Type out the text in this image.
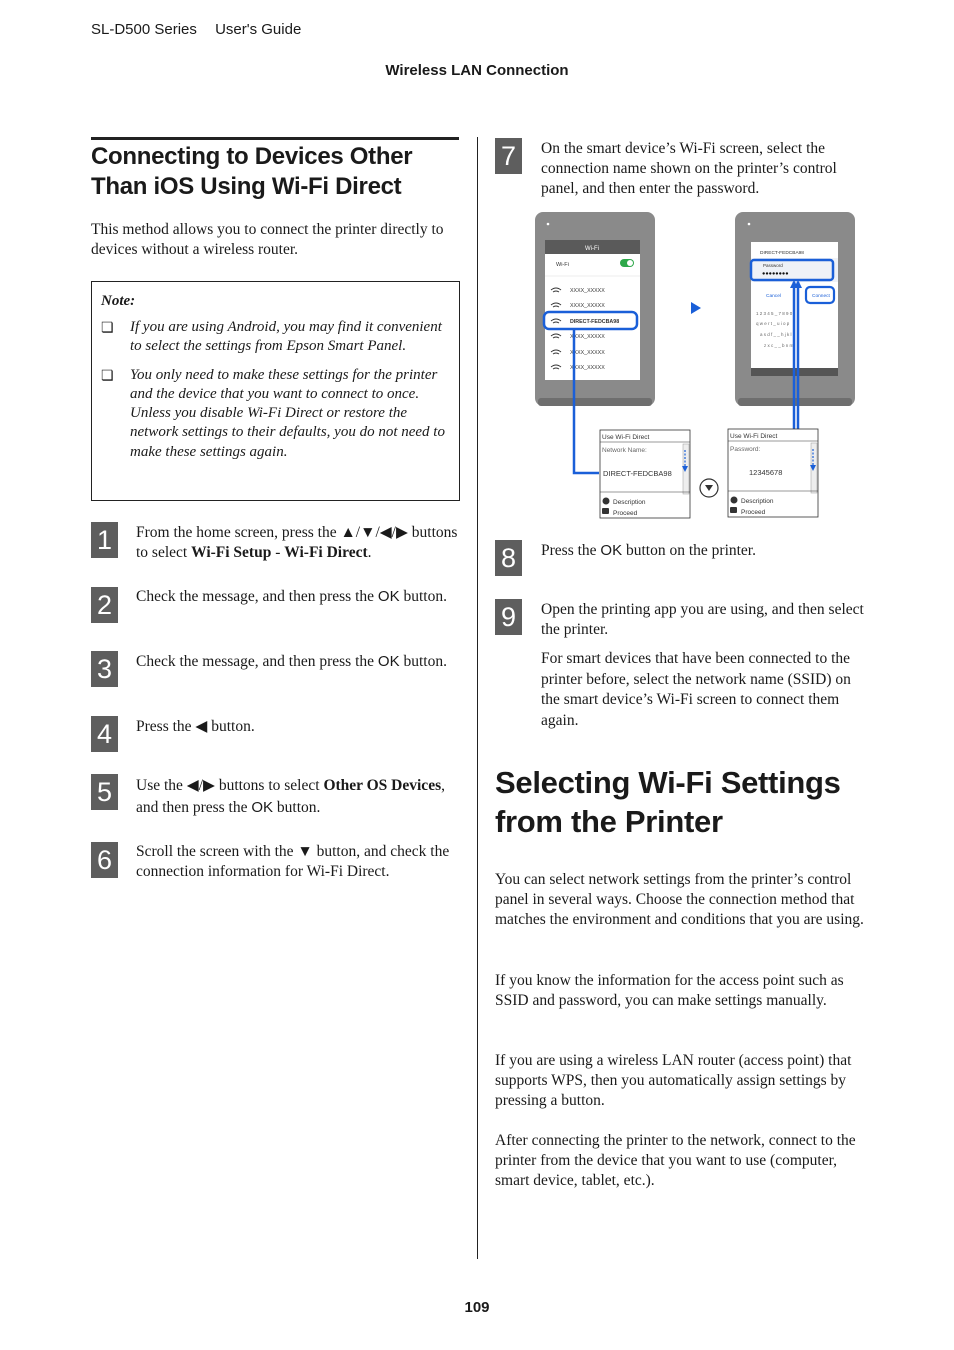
SL-D500 Series User's Guide
Wireless LAN Connection
Connecting to Devices Other Than iOS Using Wi-Fi Direct
This method allows you to connect the printer directly to devices without a wireless router.
Note:
❏ If you are using Android, you may find it convenient to select the settings from Epson Smart Panel.
❏ You only need to make these settings for the printer and the device that you want to connect to once. Unless you disable Wi-Fi Direct or restore the network settings to their defaults, you do not need to make these settings again.
1	From the home screen, press the ▲/▼/◀/▶ buttons to select Wi-Fi Setup - Wi-Fi Direct.
2	Check the message, and then press the OK button.
3	Check the message, and then press the OK button.
4	Press the ◀ button.
5	Use the ◀/▶ buttons to select Other OS Devices, and then press the OK button.
6	Scroll the screen with the ▼ button, and check the connection information for Wi-Fi Direct.
7	On the smart device’s Wi-Fi screen, select the connection name shown on the printer’s control panel, and then enter the password.
Wi-Fi
Wi-Fi
XXXX_XXXXX
XXXX_XXXXX
DIRECT-FEDCBA98
XXXX_XXXXX
XXXX_XXXXX
XXXX_XXXXX
DIRECT-FEDCBA98
Password
●●●●●●●●
Cancel	Connect
1 2 3 4 5 _ 7 8 9 0
q w e r t _ u i o p
a s d f _ _ h j k l
z x c _ _ b n m
Use Wi-Fi Direct
Network Name:
DIRECT-FEDCBA98
Description
Proceed
Use Wi-Fi Direct
Password:
12345678
Description
Proceed
8	Press the OK button on the printer.
9	Open the printing app you are using, and then select the printer.
For smart devices that have been connected to the printer before, select the network name (SSID) on the smart device’s Wi-Fi screen to connect them again.
Selecting Wi-Fi Settings from the Printer
You can select network settings from the printer’s control panel in several ways. Choose the connection method that matches the environment and conditions that you are using.
If you know the information for the access point such as SSID and password, you can make settings manually.
If you are using a wireless LAN router (access point) that supports WPS, then you automatically assign settings by pressing a button.
After connecting the printer to the network, connect to the printer from the device that you want to use (computer, smart device, tablet, etc.).
109
